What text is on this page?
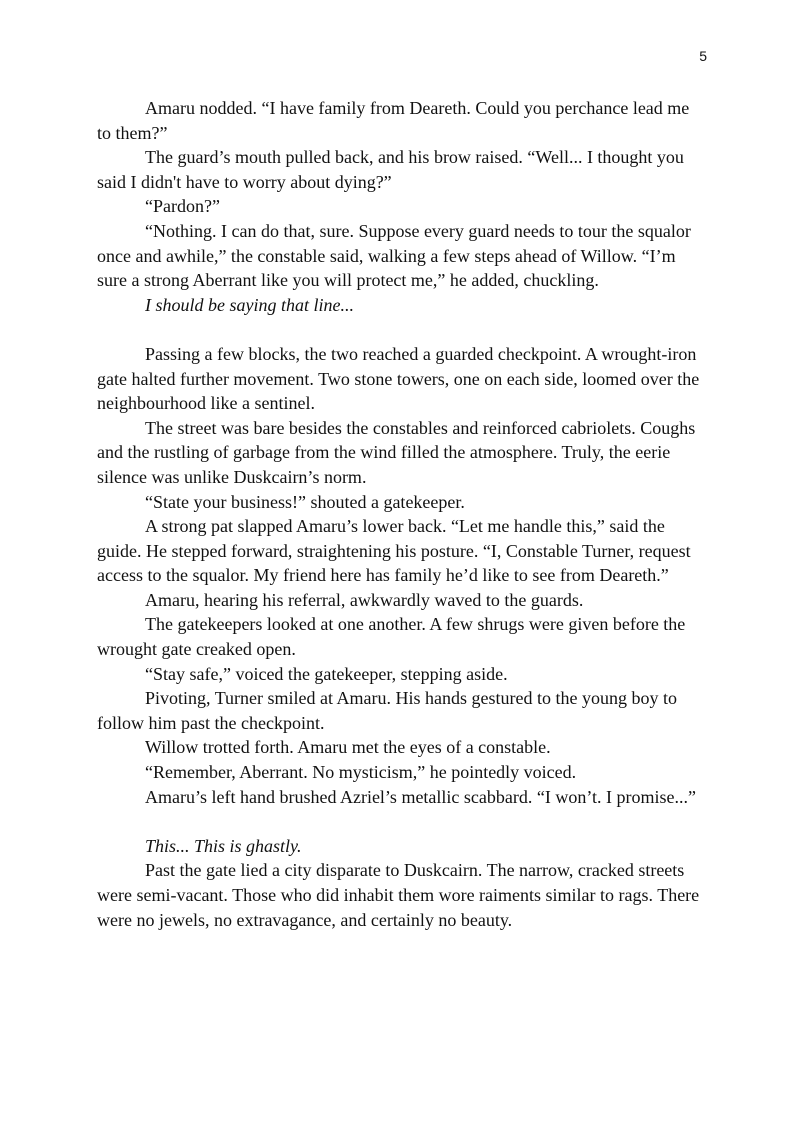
5

Amaru nodded. “I have family from Deareth. Could you perchance lead me to them?”

The guard’s mouth pulled back, and his brow raised. “Well... I thought you said I didn't have to worry about dying?”

“Pardon?”

“Nothing. I can do that, sure. Suppose every guard needs to tour the squalor once and awhile,” the constable said, walking a few steps ahead of Willow. “I’m sure a strong Aberrant like you will protect me,” he added, chuckling.

I should be saying that line...

Passing a few blocks, the two reached a guarded checkpoint. A wrought-iron gate halted further movement. Two stone towers, one on each side, loomed over the neighbourhood like a sentinel.

The street was bare besides the constables and reinforced cabriolets. Coughs and the rustling of garbage from the wind filled the atmosphere. Truly, the eerie silence was unlike Duskcairn’s norm.

“State your business!” shouted a gatekeeper.

A strong pat slapped Amaru’s lower back. “Let me handle this,” said the guide. He stepped forward, straightening his posture. “I, Constable Turner, request access to the squalor. My friend here has family he’d like to see from Deareth.”

Amaru, hearing his referral, awkwardly waved to the guards.

The gatekeepers looked at one another. A few shrugs were given before the wrought gate creaked open.

“Stay safe,” voiced the gatekeeper, stepping aside.

Pivoting, Turner smiled at Amaru. His hands gestured to the young boy to follow him past the checkpoint.

Willow trotted forth. Amaru met the eyes of a constable.

“Remember, Aberrant. No mysticism,” he pointedly voiced.

Amaru’s left hand brushed Azriel’s metallic scabbard. “I won’t. I promise...”

This... This is ghastly.

Past the gate lied a city disparate to Duskcairn. The narrow, cracked streets were semi-vacant. Those who did inhabit them wore raiments similar to rags. There were no jewels, no extravagance, and certainly no beauty.
